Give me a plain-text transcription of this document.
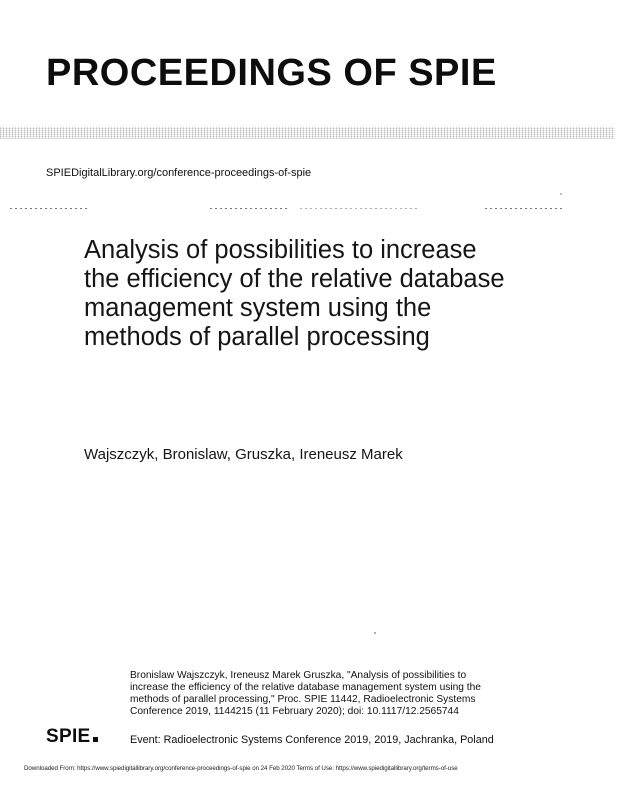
PROCEEDINGS OF SPIE
SPIEDigitalLibrary.org/conference-proceedings-of-spie
Analysis of possibilities to increase
the efficiency of the relative database
management system using the
methods of parallel processing
Wajszczyk, Bronislaw, Gruszka, Ireneusz Marek
Bronislaw Wajszczyk, Ireneusz Marek Gruszka, "Analysis of possibilities to
increase the efficiency of the relative database management system using the
methods of parallel processing," Proc. SPIE 11442, Radioelectronic Systems
Conference 2019, 1144215 (11 February 2020); doi: 10.1117/12.2565744
SPIE	Event: Radioelectronic Systems Conference 2019, 2019, Jachranka, Poland
Downloaded From: https://www.spiedigitallibrary.org/conference-proceedings-of-spie on 24 Feb 2020 Terms of Use: https://www.spiedigitallibrary.org/terms-of-use
